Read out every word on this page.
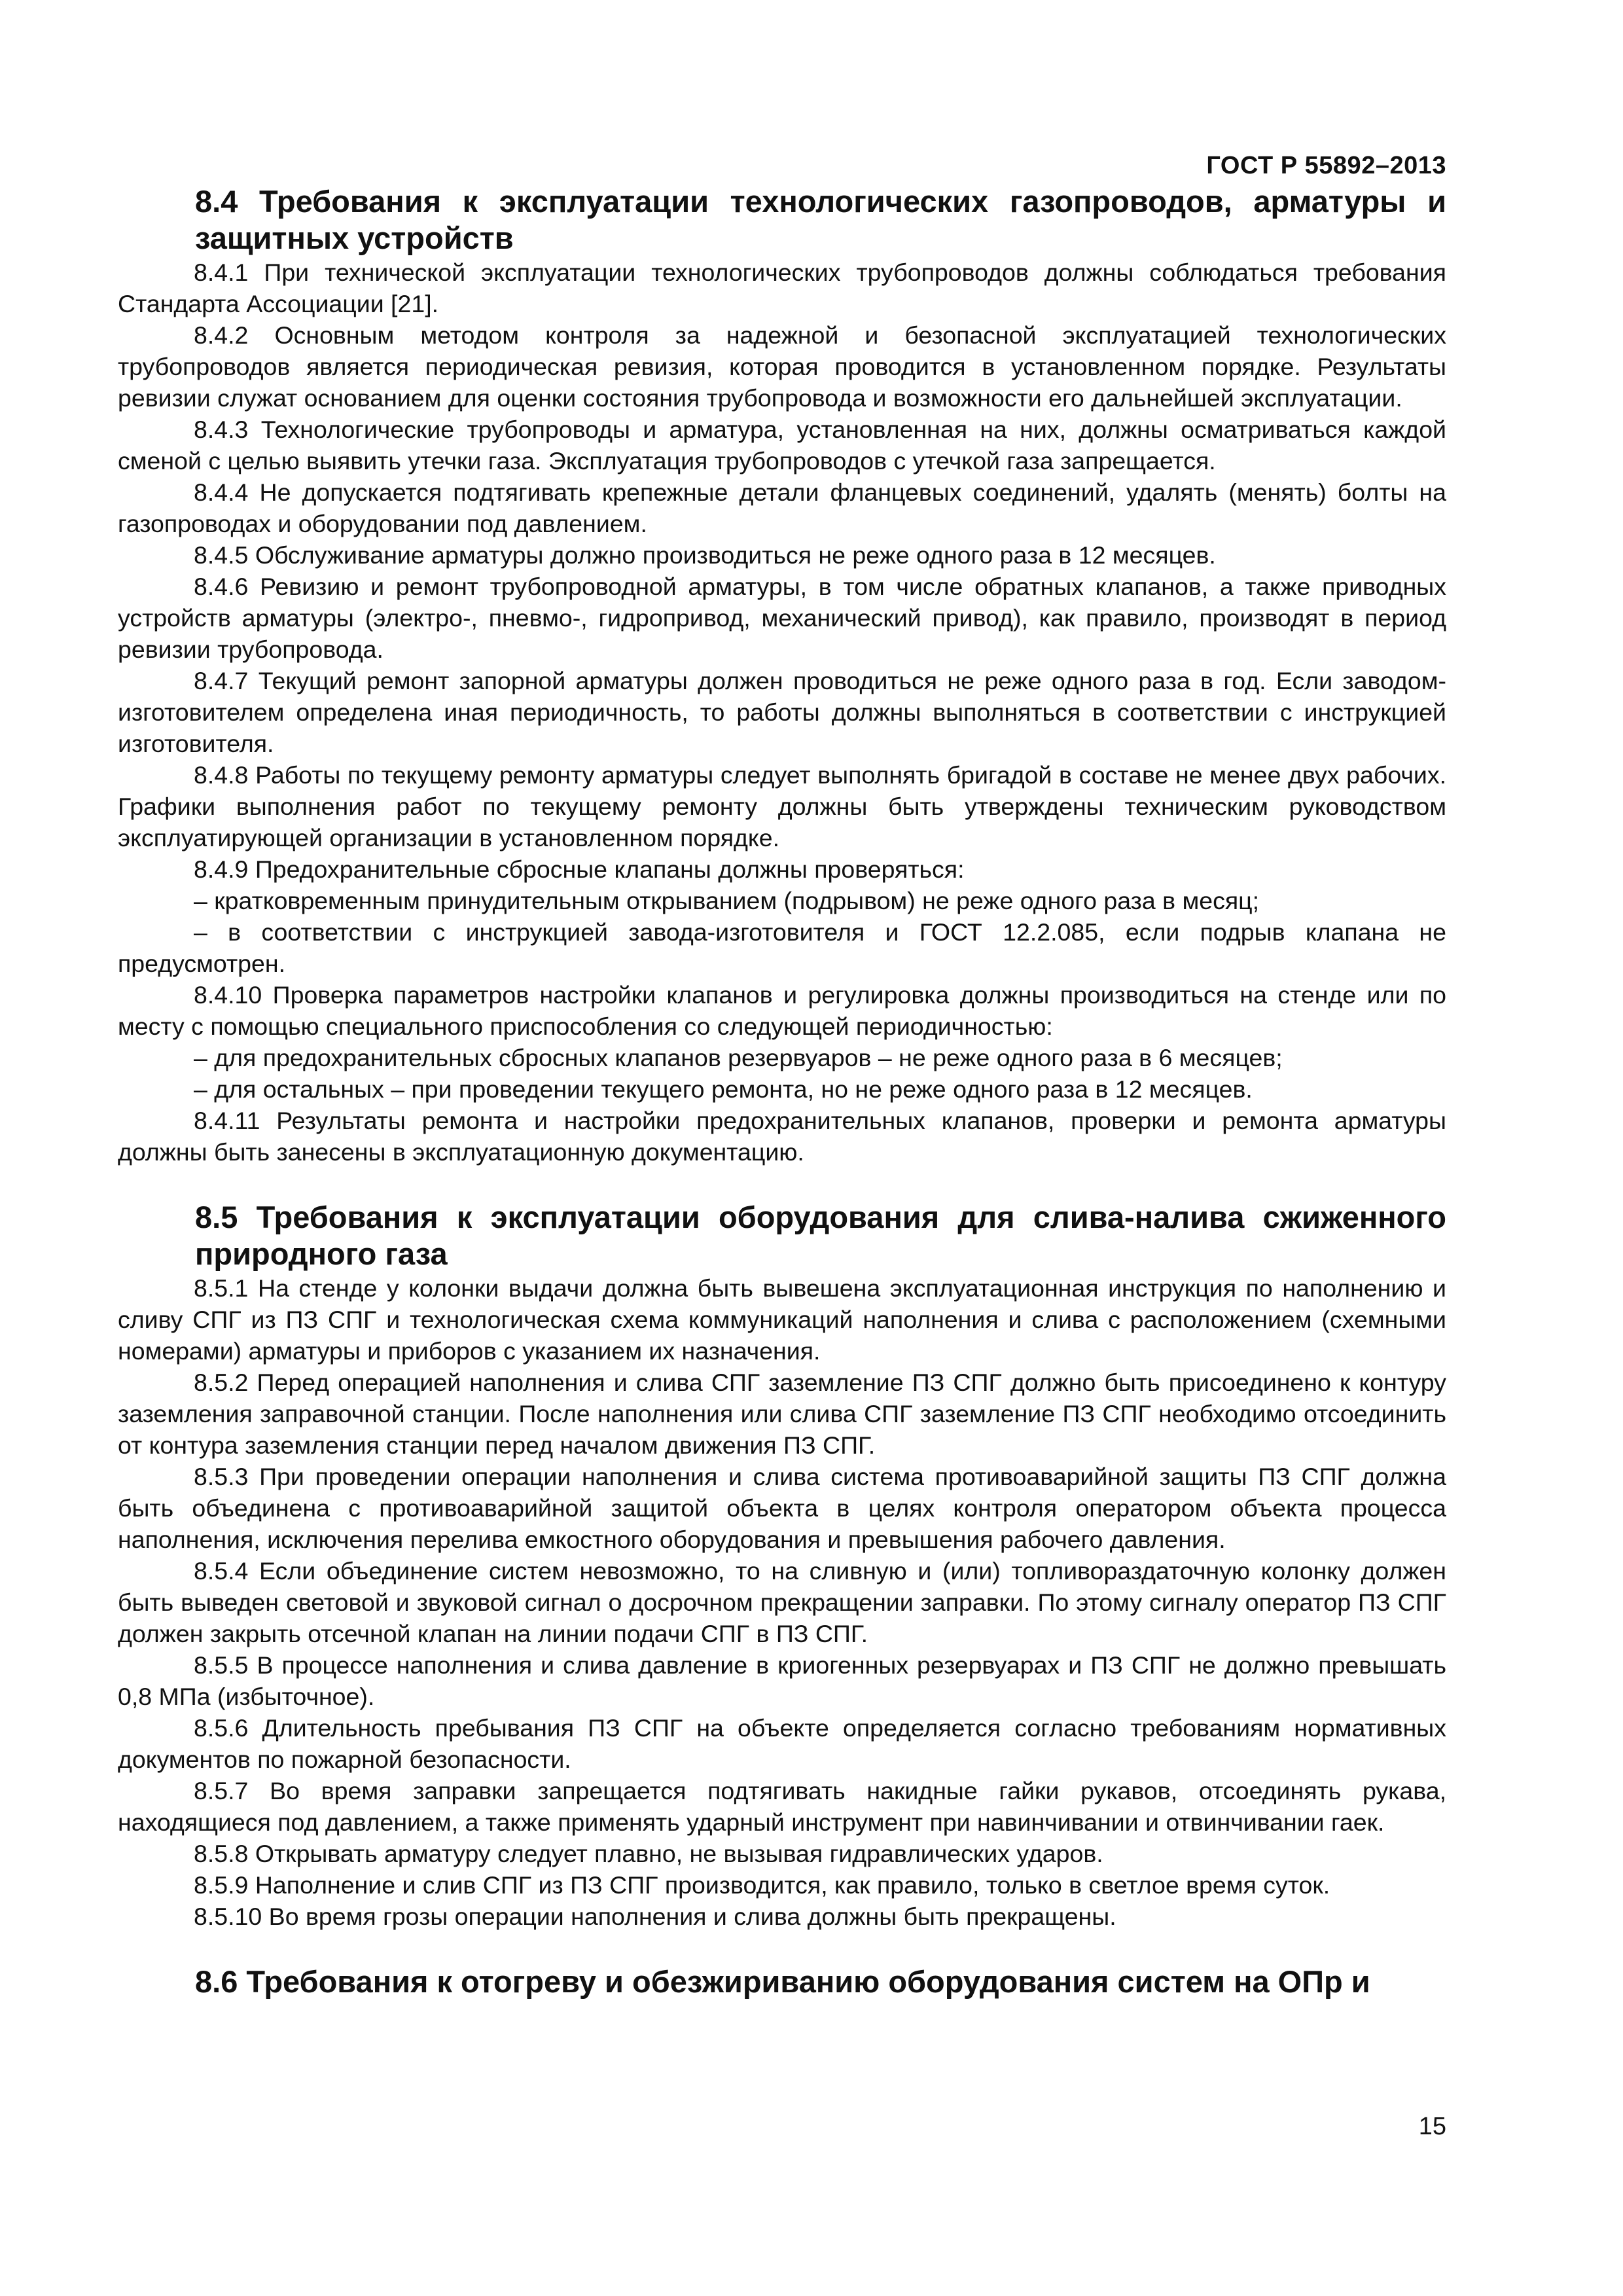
ГОСТ Р 55892–2013
8.4 Требования к эксплуатации технологических газопроводов, арматуры и защитных устройств

8.4.1 При технической эксплуатации технологических трубопроводов должны соблюдаться требования Стандарта Ассоциации [21].

8.4.2 Основным методом контроля за надежной и безопасной эксплуатацией технологических трубопроводов является периодическая ревизия, которая проводится в установленном порядке. Результаты ревизии служат основанием для оценки состояния трубопровода и возможности его дальнейшей эксплуатации.

8.4.3 Технологические трубопроводы и арматура, установленная на них, должны осматриваться каждой сменой с целью выявить утечки газа. Эксплуатация трубопроводов с утечкой газа запрещается.

8.4.4 Не допускается подтягивать крепежные детали фланцевых соединений, удалять (менять) болты на газопроводах и оборудовании под давлением.

8.4.5 Обслуживание арматуры должно производиться не реже одного раза в 12 месяцев.

8.4.6 Ревизию и ремонт трубопроводной арматуры, в том числе обратных клапанов, а также приводных устройств арматуры (электро-, пневмо-, гидропривод, механический привод), как правило, производят в период ревизии трубопровода.

8.4.7 Текущий ремонт запорной арматуры должен проводиться не реже одного раза в год. Если заводом-изготовителем определена иная периодичность, то работы должны выполняться в соответствии с инструкцией изготовителя.

8.4.8 Работы по текущему ремонту арматуры следует выполнять бригадой в составе не менее двух рабочих. Графики выполнения работ по текущему ремонту должны быть утверждены техническим руководством эксплуатирующей организации в установленном порядке.

8.4.9 Предохранительные сбросные клапаны должны проверяться:

– кратковременным принудительным открыванием (подрывом) не реже одного раза в месяц;

– в соответствии с инструкцией завода-изготовителя и ГОСТ 12.2.085, если подрыв клапана не предусмотрен.

8.4.10 Проверка параметров настройки клапанов и регулировка должны производиться на стенде или по месту с помощью специального приспособления со следующей периодичностью:

– для предохранительных сбросных клапанов резервуаров – не реже одного раза в 6 месяцев;

– для остальных – при проведении текущего ремонта, но не реже одного раза в 12 месяцев.

8.4.11 Результаты ремонта и настройки предохранительных клапанов, проверки и ремонта арматуры должны быть занесены в эксплуатационную документацию.

8.5 Требования к эксплуатации оборудования для слива-налива сжиженного природного газа

8.5.1 На стенде у колонки выдачи должна быть вывешена эксплуатационная инструкция по наполнению и сливу СПГ из ПЗ СПГ и технологическая схема коммуникаций наполнения и слива с расположением (схемными номерами) арматуры и приборов с указанием их назначения.

8.5.2 Перед операцией наполнения и слива СПГ заземление ПЗ СПГ должно быть присоединено к контуру заземления заправочной станции. После наполнения или слива СПГ заземление ПЗ СПГ необходимо отсоединить от контура заземления станции перед началом движения ПЗ СПГ.

8.5.3 При проведении операции наполнения и слива система противоаварийной защиты ПЗ СПГ должна быть объединена с противоаварийной защитой объекта в целях контроля оператором объекта процесса наполнения, исключения перелива емкостного оборудования и превышения рабочего давления.

8.5.4 Если объединение систем невозможно, то на сливную и (или) топливораздаточную колонку должен быть выведен световой и звуковой сигнал о досрочном прекращении заправки. По этому сигналу оператор ПЗ СПГ должен закрыть отсечной клапан на линии подачи СПГ в ПЗ СПГ.

8.5.5 В процессе наполнения и слива давление в криогенных резервуарах и ПЗ СПГ не должно превышать 0,8 МПа (избыточное).

8.5.6 Длительность пребывания ПЗ СПГ на объекте определяется согласно требованиям нормативных документов по пожарной безопасности.

8.5.7 Во время заправки запрещается подтягивать накидные гайки рукавов, отсоединять рукава, находящиеся под давлением, а также применять ударный инструмент при навинчивании и отвинчивании гаек.

8.5.8 Открывать арматуру следует плавно, не вызывая гидравлических ударов.

8.5.9 Наполнение и слив СПГ из ПЗ СПГ производится, как правило, только в светлое время суток.

8.5.10 Во время грозы операции наполнения и слива должны быть прекращены.

8.6 Требования к отогреву и обезжириванию оборудования систем на ОПр и
15
